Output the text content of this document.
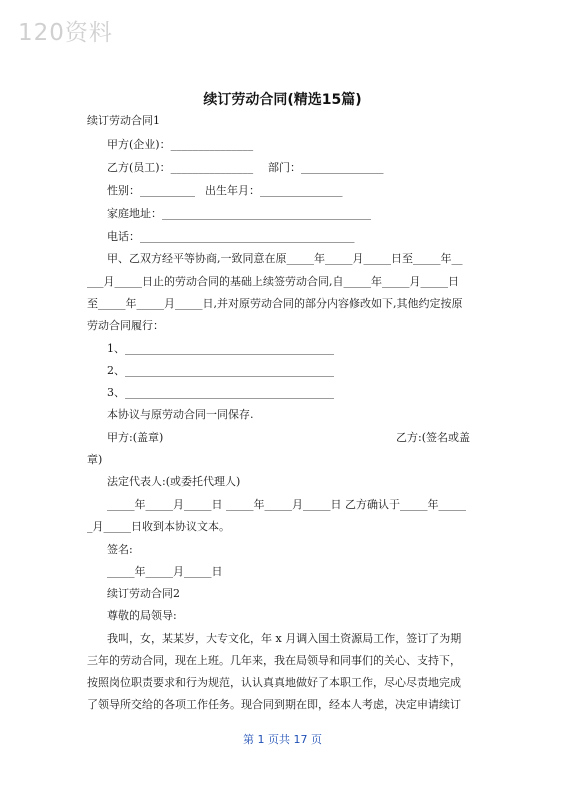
120资料
续订劳动合同(精选15篇)
续订劳动合同1
甲方(企业)：_______________
乙方(员工)：_______________ 部门：_______________
性别：__________ 出生年月：_______________
家庭地址：______________________________________
电话：_______________________________________
甲、乙双方经平等协商,一致同意在原_____年_____月_____日至_____年__
___月_____日止的劳动合同的基础上续签劳动合同,自_____年_____月_____日
至_____年_____月_____日,并对原劳动合同的部分内容修改如下,其他约定按原
劳动合同履行：
1、______________________________________
2、______________________________________
3、______________________________________
本协议与原劳动合同一同保存.
甲方:(盖章)	乙方:(签名或盖
章)
法定代表人:(或委托代理人)
_____年_____月_____日 _____年_____月_____日 乙方确认于_____年_____
_月_____日收到本协议文本。
签名:
_____年_____月_____日
续订劳动合同2
尊敬的局领导:
我叫，女，某某岁，大专文化，年 x 月调入国土资源局工作，签订了为期
三年的劳动合同，现在上班。几年来，我在局领导和同事们的关心、支持下，
按照岗位职责要求和行为规范，认认真真地做好了本职工作，尽心尽责地完成
了领导所交给的各项工作任务。现合同到期在即，经本人考虑，决定申请续订
第 1 页共 17 页
